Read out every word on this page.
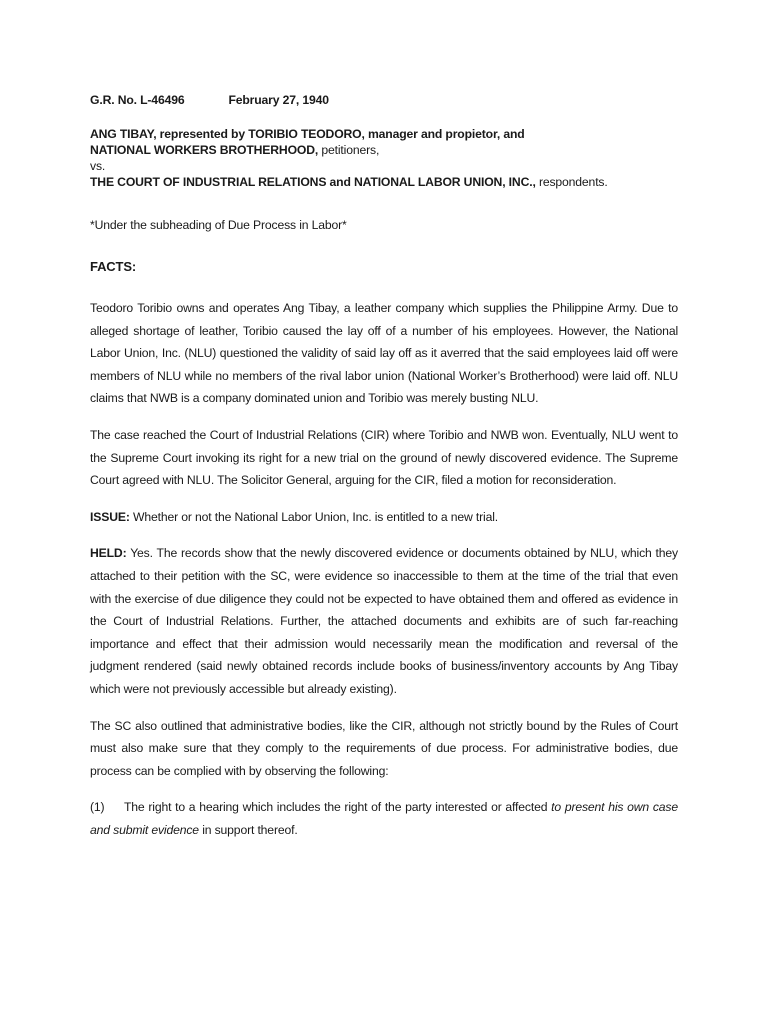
G.R. No. L-46496	February 27, 1940
ANG TIBAY, represented by TORIBIO TEODORO, manager and propietor, and
NATIONAL WORKERS BROTHERHOOD, petitioners,
vs.
THE COURT OF INDUSTRIAL RELATIONS and NATIONAL LABOR UNION, INC., respondents.
*Under the subheading of Due Process in Labor*
FACTS:

Teodoro Toribio owns and operates Ang Tibay, a leather company which supplies the Philippine Army. Due to alleged shortage of leather, Toribio caused the lay off of a number of his employees. However, the National Labor Union, Inc. (NLU) questioned the validity of said lay off as it averred that the said employees laid off were members of NLU while no members of the rival labor union (National Worker’s Brotherhood) were laid off. NLU claims that NWB is a company dominated union and Toribio was merely busting NLU.

The case reached the Court of Industrial Relations (CIR) where Toribio and NWB won. Eventually, NLU went to the Supreme Court invoking its right for a new trial on the ground of newly discovered evidence. The Supreme Court agreed with NLU. The Solicitor General, arguing for the CIR, filed a motion for reconsideration.

ISSUE: Whether or not the National Labor Union, Inc. is entitled to a new trial.

HELD: Yes. The records show that the newly discovered evidence or documents obtained by NLU, which they attached to their petition with the SC, were evidence so inaccessible to them at the time of the trial that even with the exercise of due diligence they could not be expected to have obtained them and offered as evidence in the Court of Industrial Relations. Further, the attached documents and exhibits are of such far-reaching importance and effect that their admission would necessarily mean the modification and reversal of the judgment rendered (said newly obtained records include books of business/inventory accounts by Ang Tibay which were not previously accessible but already existing).

The SC also outlined that administrative bodies, like the CIR, although not strictly bound by the Rules of Court must also make sure that they comply to the requirements of due process. For administrative bodies, due process can be complied with by observing the following:

(1) The right to a hearing which includes the right of the party interested or affected to present his own case and submit evidence in support thereof.
